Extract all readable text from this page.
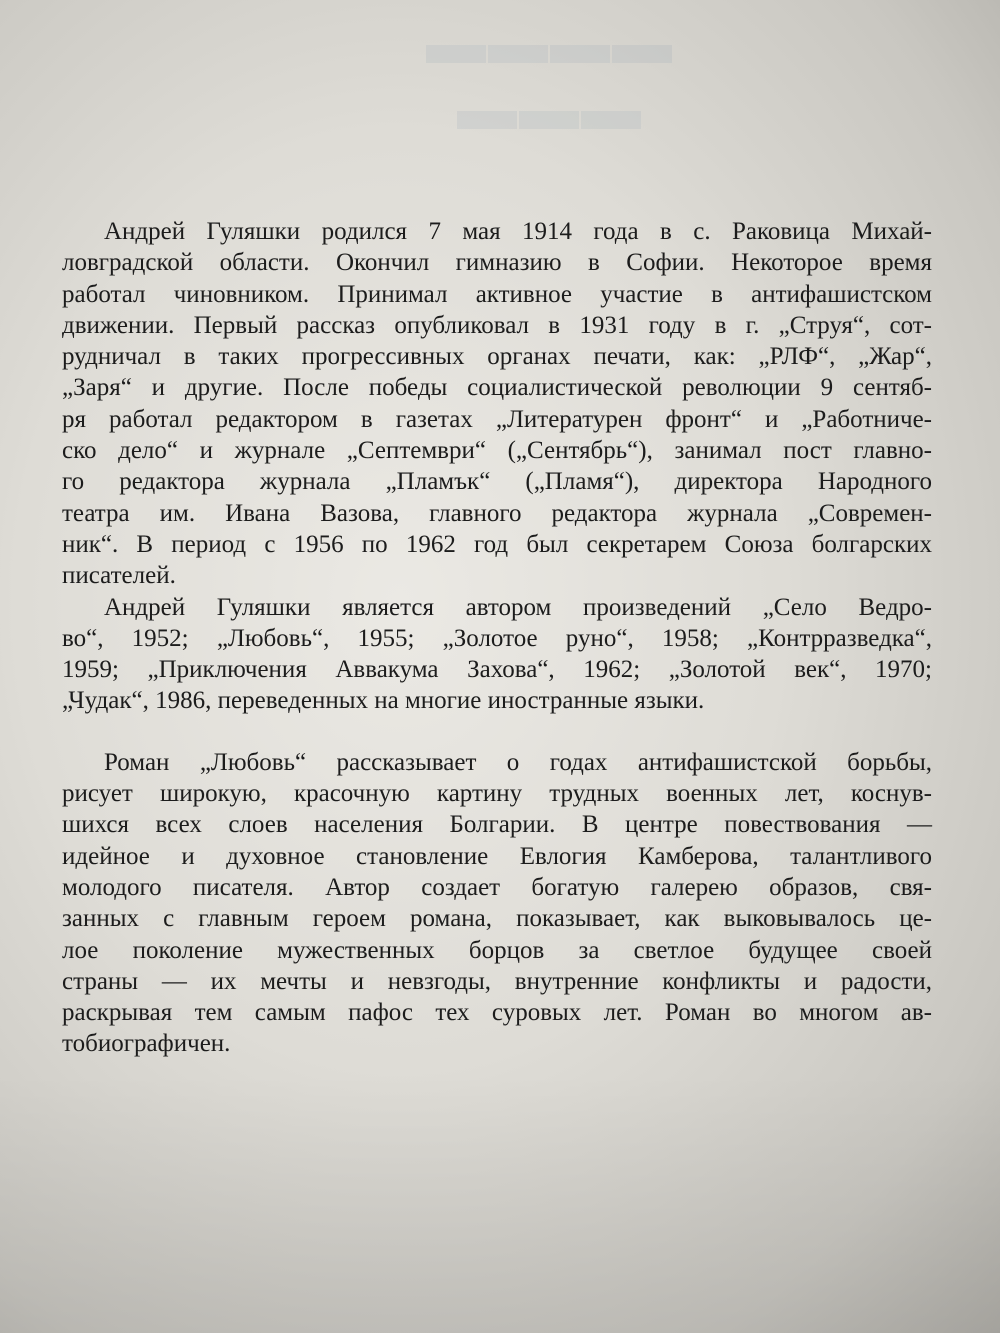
▬▬▬▬
▬▬▬
Андрей Гуляшки родился 7 мая 1914 года в с. Раковица Михай-
ловградской области. Окончил гимназию в Софии. Некоторое время
работал чиновником. Принимал активное участие в антифашистском
движении. Первый рассказ опубликовал в 1931 году в г. „Струя“, сот-
рудничал в таких прогрессивных органах печати, как: „РЛФ“, „Жар“,
„Заря“ и другие. После победы социалистической революции 9 сентяб-
ря работал редактором в газетах „Литературен фронт“ и „Работниче-
ско дело“ и журнале „Септември“ („Сентябрь“), занимал пост главно-
го редактора журнала „Пламък“ („Пламя“), директора Народного
театра им. Ивана Вазова, главного редактора журнала „Современ-
ник“. В период с 1956 по 1962 год был секретарем Союза болгарских
писателей.
Андрей Гуляшки является автором произведений „Село Ведро-
во“, 1952; „Любовь“, 1955; „Золотое руно“, 1958; „Контрразведка“,
1959; „Приключения Аввакума Захова“, 1962; „Золотой век“, 1970;
„Чудак“, 1986, переведенных на многие иностранные языки.
Роман „Любовь“ рассказывает о годах антифашистской борьбы,
рисует широкую, красочную картину трудных военных лет, коснув-
шихся всех слоев населения Болгарии. В центре повествования —
идейное и духовное становление Евлогия Камберова, талантливого
молодого писателя. Автор создает богатую галерею образов, свя-
занных с главным героем романа, показывает, как выковывалось це-
лое поколение мужественных борцов за светлое будущее своей
страны — их мечты и невзгоды, внутренние конфликты и радости,
раскрывая тем самым пафос тех суровых лет. Роман во многом ав-
тобиографичен.
